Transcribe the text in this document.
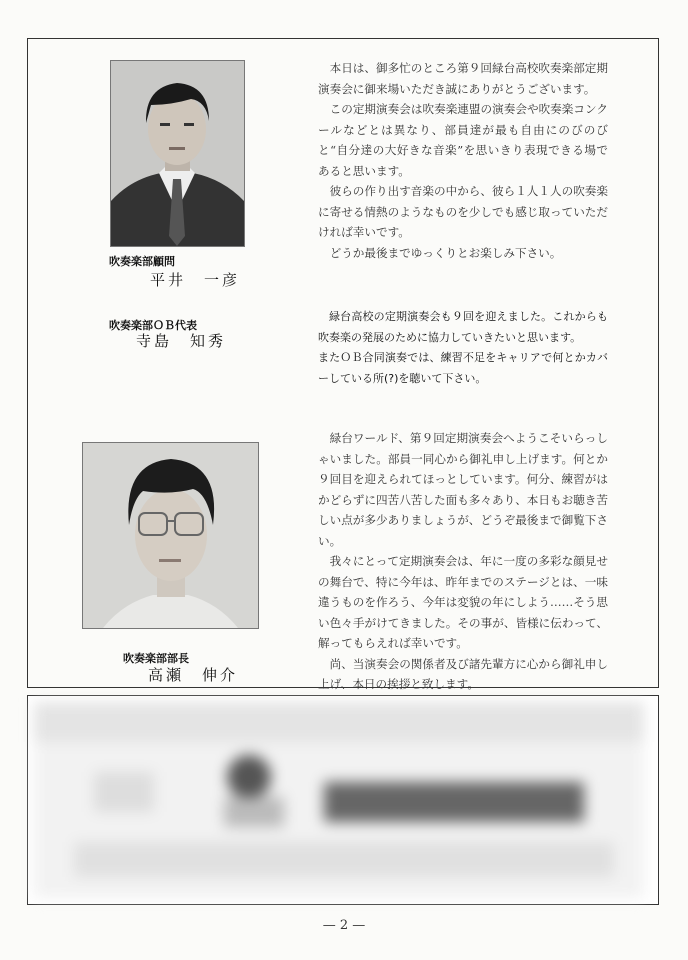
吹奏楽部顧問
平井　一彦
吹奏楽部ＯＢ代表
寺島　知秀
吹奏楽部部長
高瀬　伸介

本日は、御多忙のところ第９回緑台高校吹奏楽部定期演奏会に御来場いただき誠にありがとうございます。

この定期演奏会は吹奏楽連盟の演奏会や吹奏楽コンクールなどとは異なり、部員達が最も自由にのびのびと“自分達の大好きな音楽”を思いきり表現できる場であると思います。

彼らの作り出す音楽の中から、彼ら１人１人の吹奏楽に寄せる情熱のようなものを少しでも感じ取っていただければ幸いです。

どうか最後までゆっくりとお楽しみ下さい。

緑台高校の定期演奏会も９回を迎えました。これからも吹奏楽の発展のために協力していきたいと思います。

またＯＢ合同演奏では、練習不足をキャリアで何とかカバーしている所(?)を聴いて下さい。

緑台ワールド、第９回定期演奏会へようこそいらっしゃいました。部員一同心から御礼申し上げます。何とか９回目を迎えられてほっとしています。何分、練習がはかどらずに四苦八苦した面も多々あり、本日もお聴き苦しい点が多少ありましょうが、どうぞ最後まで御覧下さい。

我々にとって定期演奏会は、年に一度の多彩な顔見せの舞台で、特に今年は、昨年までのステージとは、一味違うものを作ろう、今年は変貌の年にしよう……そう思い色々手がけてきました。その事が、皆様に伝わって、解ってもらえれば幸いです。

尚、当演奏会の関係者及び諸先輩方に心から御礼申し上げ、本日の挨拶と致します。

— 2 —
